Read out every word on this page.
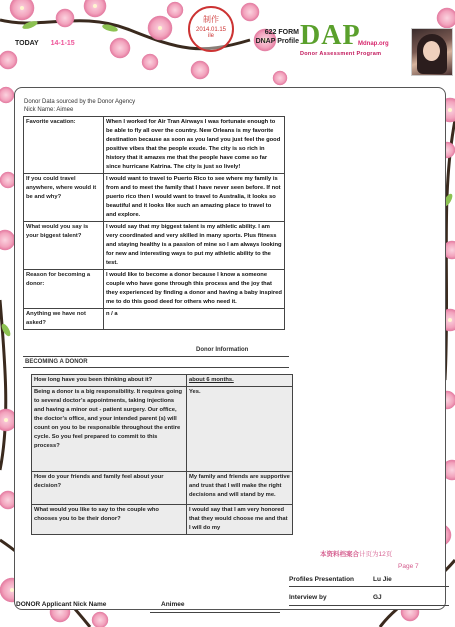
TODAY 14-1-15
制作
2014.01.15
ile
622 FORM
DNAP Profile DAP
Mdnap.org
Donor Assessment Program
Donor Data sourced by the Donor Agency
Nick Name: Aimee
Favorite vacation:	When I worked for Air Tran Airways I was fortunate enough to be able to fly all over the country. New Orleans is my favorite destination because as soon as you land you just feel the good positive vibes that the people exude. The city is so rich in history that it amazes me that the people have come so far since hurricane Katrina. The city is just so lively!
If you could travel anywhere, where would it be and why?	I would want to travel to Puerto Rico to see where my family is from and to meet the family that I have never seen before. If not puerto rico then I would want to travel to Australia, it looks so beautiful and it looks like such an amazing place to travel to and explore.
What would you say is your biggest talent?	I would say that my biggest talent is my athletic ability. I am very coordinated and very skilled in many sports. Plus fitness and staying healthy is a passion of mine so I am always looking for new and interesting ways to put my athletic ability to the test.
Reason for becoming a donor:	I would like to become a donor because I know a someone couple who have gone through this process and the joy that they experienced by finding a donor and having a baby inspired me to do this good deed for others who need it.
Anything we have not asked?	n / a
Donor Information
BECOMING A DONOR
How long have you been thinking about it?	about 6 months.
Being a donor is a big responsibility. It requires going to several doctor’s appointments, taking injections and having a minor out - patient surgery. Our office, the doctor’s office, and your intended parent (s) will count on you to be responsible throughout the entire cycle. So you feel prepared to commit to this process?	Yes.
How do your friends and family feel about your decision?	My family and friends are supportive and trust that I will make the right decisions and will stand by me.
What would you like to say to the couple who chooses you to be their donor?	I would say that I am very honored that they would choose me and that I will do my
本资料档案合计页为12页
Page 7
Profiles Presentation	Lu Jie
Interview by	GJ
DONOR Applicant Nick Name	Animee
